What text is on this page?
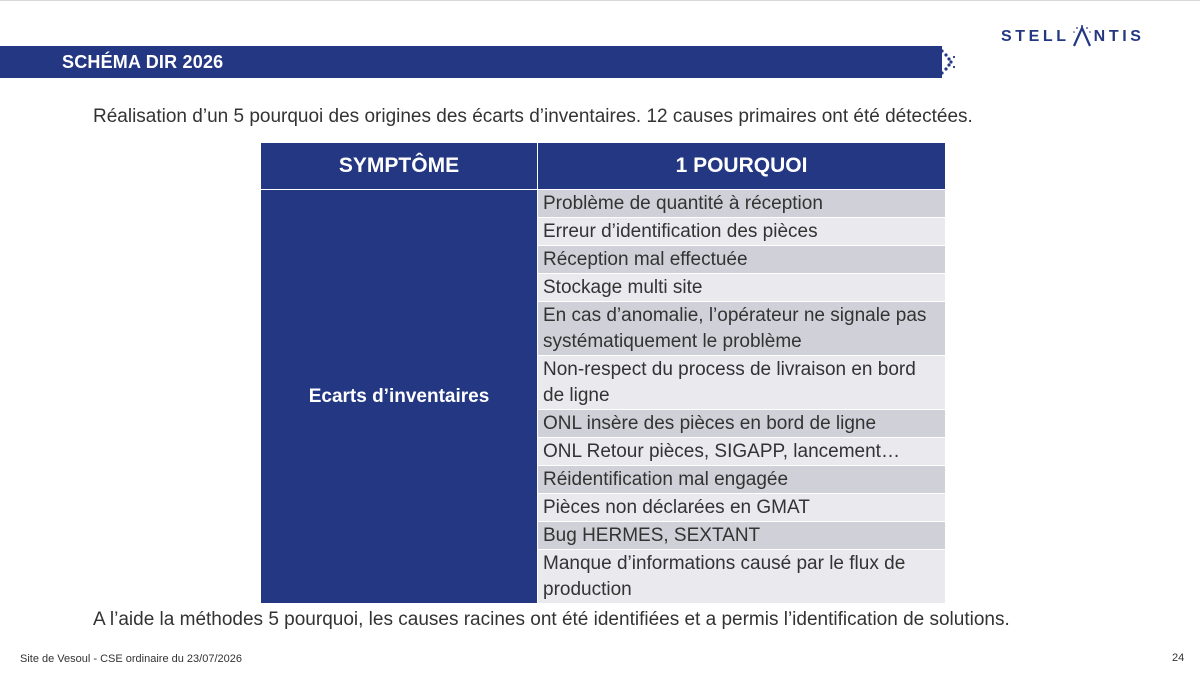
SCHÉMA DIR 2026
STELL NTIS
Réalisation d’un 5 pourquoi des origines des écarts d’inventaires. 12 causes primaires ont été détectées.
SYMPTÔME	1 POURQUOI
Ecarts d’inventaires	Problème de quantité à réception
	Erreur d’identification des pièces
	Réception mal effectuée
	Stockage multi site
	En cas d’anomalie, l’opérateur ne signale pas systématiquement le problème
	Non-respect du process de livraison en bord de ligne
	ONL insère des pièces en bord de ligne
	ONL Retour pièces, SIGAPP, lancement…
	Réidentification mal engagée
	Pièces non déclarées en GMAT
	Bug HERMES, SEXTANT
	Manque d’informations causé par le flux de production
A l’aide la méthodes 5 pourquoi, les causes racines ont été identifiées et a permis l’identification de solutions.
Site de Vesoul - CSE ordinaire du 23/07/2026	24
